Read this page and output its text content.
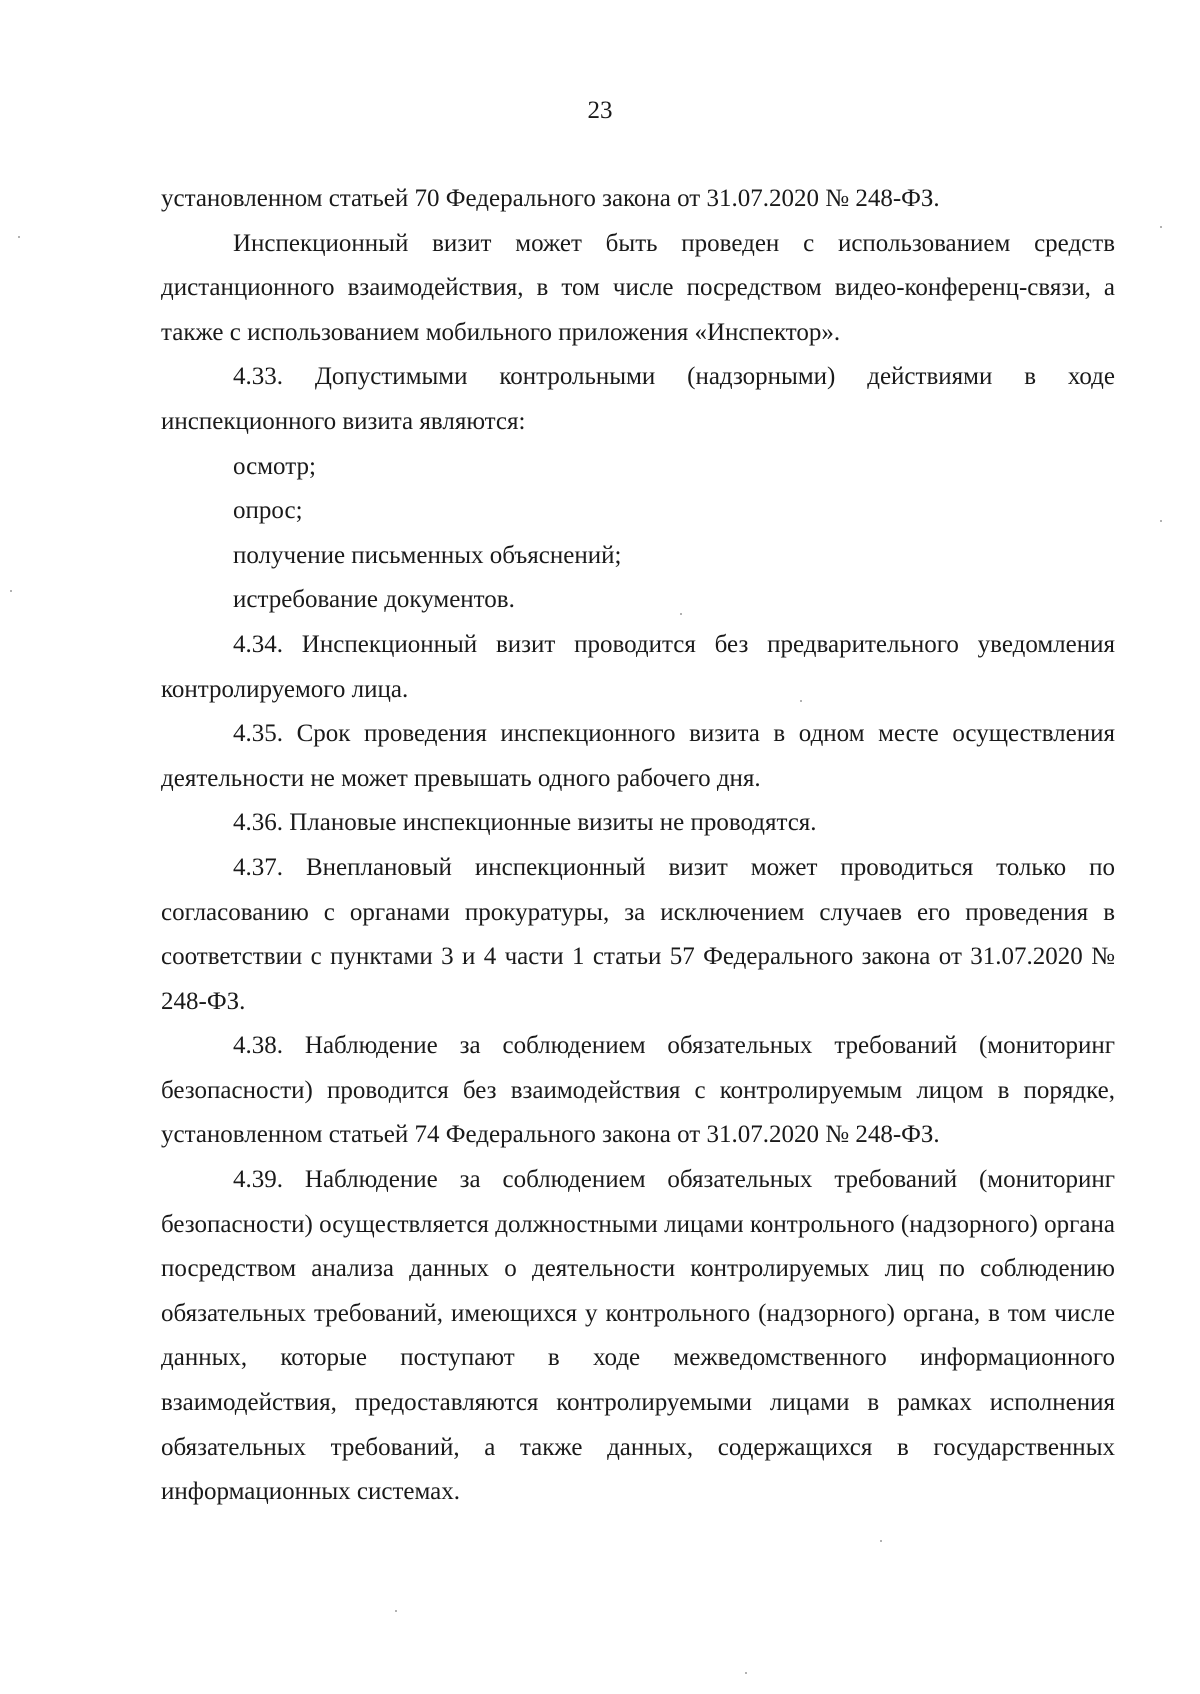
23

установленном статьей 70 Федерального закона от 31.07.2020 № 248-ФЗ.

Инспекционный визит может быть проведен с использованием средств дистанционного взаимодействия, в том числе посредством видео-конференц-связи, а также с использованием мобильного приложения «Инспектор».

4.33. Допустимыми контрольными (надзорными) действиями в ходе инспекционного визита являются:

осмотр;

опрос;

получение письменных объяснений;

истребование документов.

4.34. Инспекционный визит проводится без предварительного уведомления контролируемого лица.

4.35. Срок проведения инспекционного визита в одном месте осуществления деятельности не может превышать одного рабочего дня.

4.36. Плановые инспекционные визиты не проводятся.

4.37. Внеплановый инспекционный визит может проводиться только по согласованию с органами прокуратуры, за исключением случаев его проведения в соответствии с пунктами 3 и 4 части 1 статьи 57 Федерального закона от 31.07.2020 № 248-ФЗ.

4.38. Наблюдение за соблюдением обязательных требований (мониторинг безопасности) проводится без взаимодействия с контролируемым лицом в порядке, установленном статьей 74 Федерального закона от 31.07.2020 № 248-ФЗ.

4.39. Наблюдение за соблюдением обязательных требований (мониторинг безопасности) осуществляется должностными лицами контрольного (надзорного) органа посредством анализа данных о деятельности контролируемых лиц по соблюдению обязательных требований, имеющихся у контрольного (надзорного) органа, в том числе данных, которые поступают в ходе межведомственного информационного взаимодействия, предоставляются контролируемыми лицами в рамках исполнения обязательных требований, а также данных, содержащихся в государственных информационных системах.
